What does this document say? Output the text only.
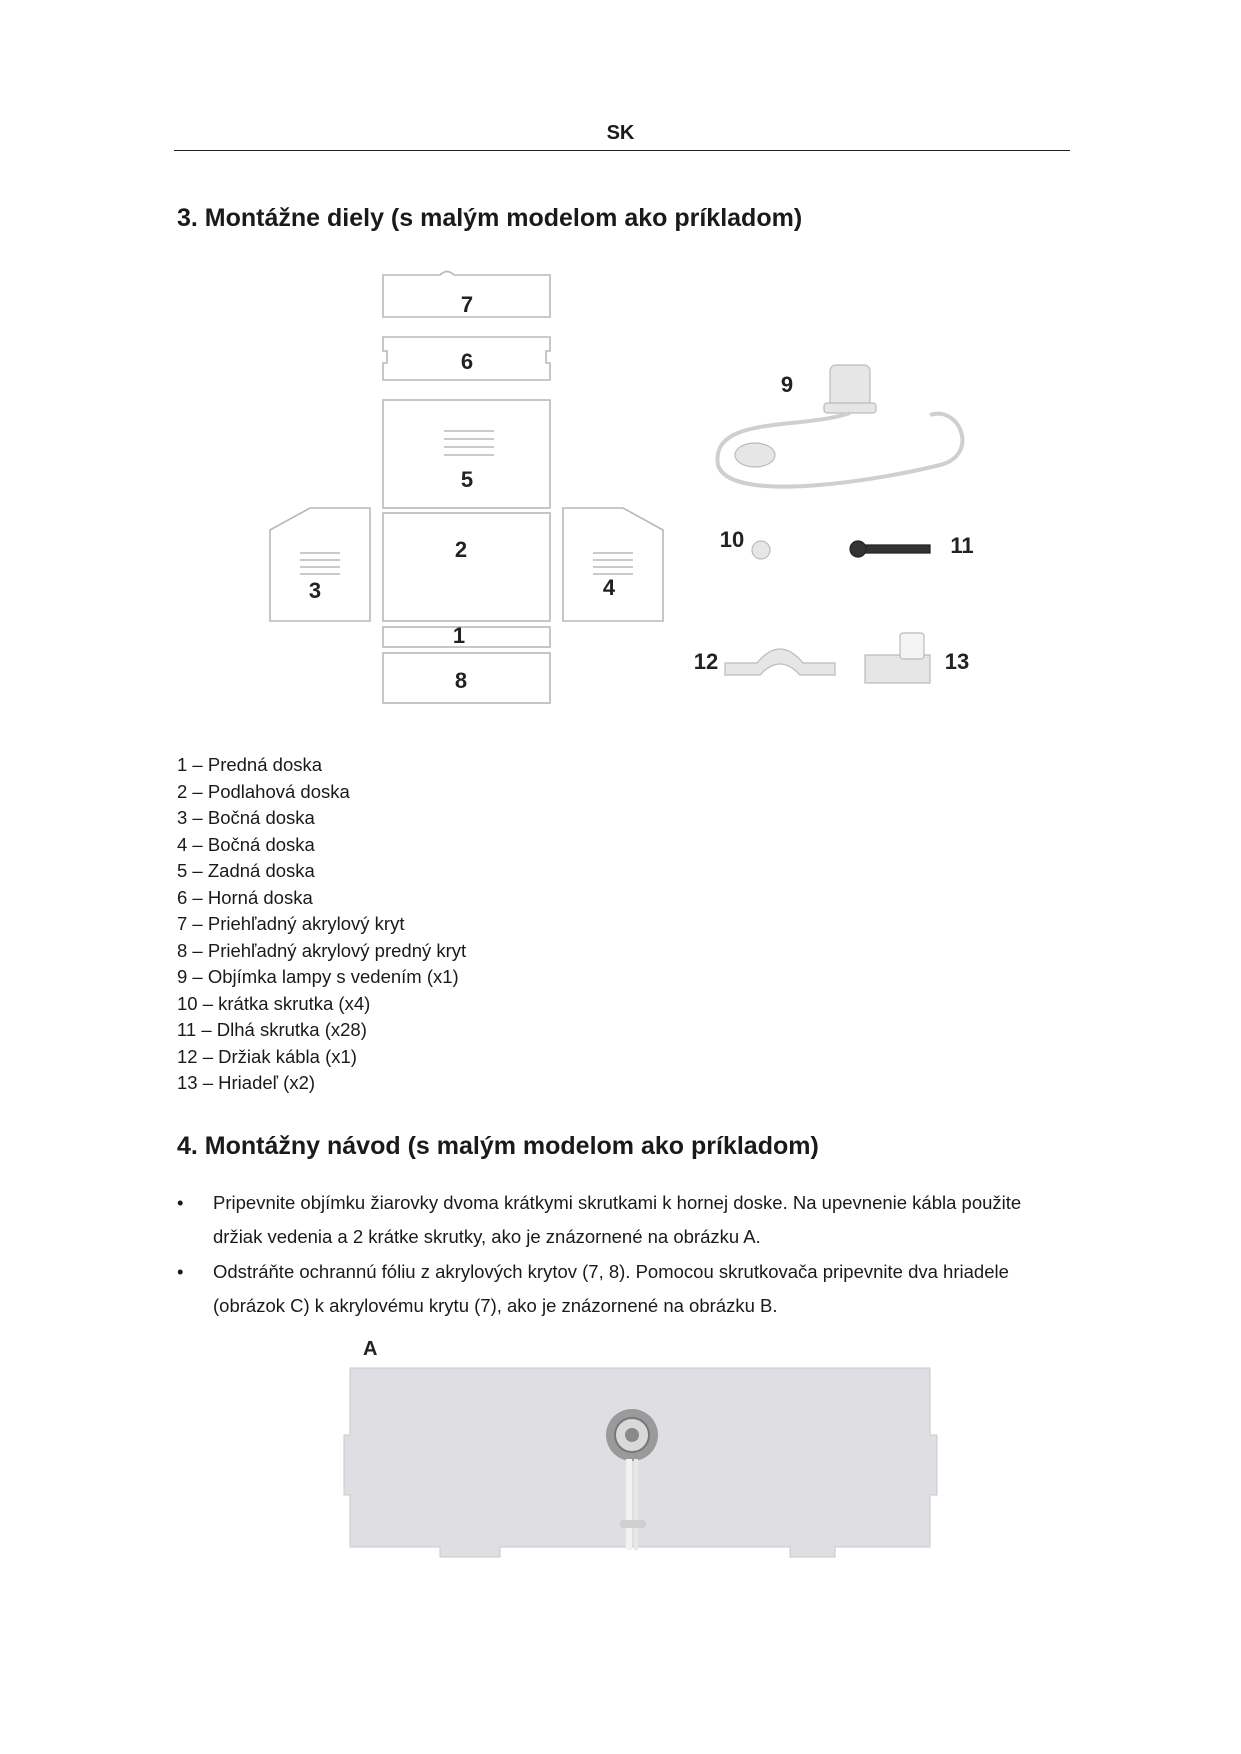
SK
3. Montážne diely (s malým modelom ako príkladom)
7
6
5
2
3	4
1
8
9
10	11
12	13
1 – Predná doska
2 – Podlahová doska
3 – Bočná doska
4 – Bočná doska
5 – Zadná doska
6 – Horná doska
7 – Priehľadný akrylový kryt
8 – Priehľadný akrylový predný kryt
9 – Objímka lampy s vedením (x1)
10 – krátka skrutka (x4)
11 – Dlhá skrutka (x28)
12 – Držiak kábla (x1)
13 – Hriadeľ (x2)
4. Montážny návod (s malým modelom ako príkladom)
• Pripevnite objímku žiarovky dvoma krátkymi skrutkami k hornej doske. Na upevnenie kábla použite držiak vedenia a 2 krátke skrutky, ako je znázornené na obrázku A.
• Odstráňte ochrannú fóliu z akrylových krytov (7, 8). Pomocou skrutkovača pripevnite dva hriadele (obrázok C) k akrylovému krytu (7), ako je znázornené na obrázku B.
A
